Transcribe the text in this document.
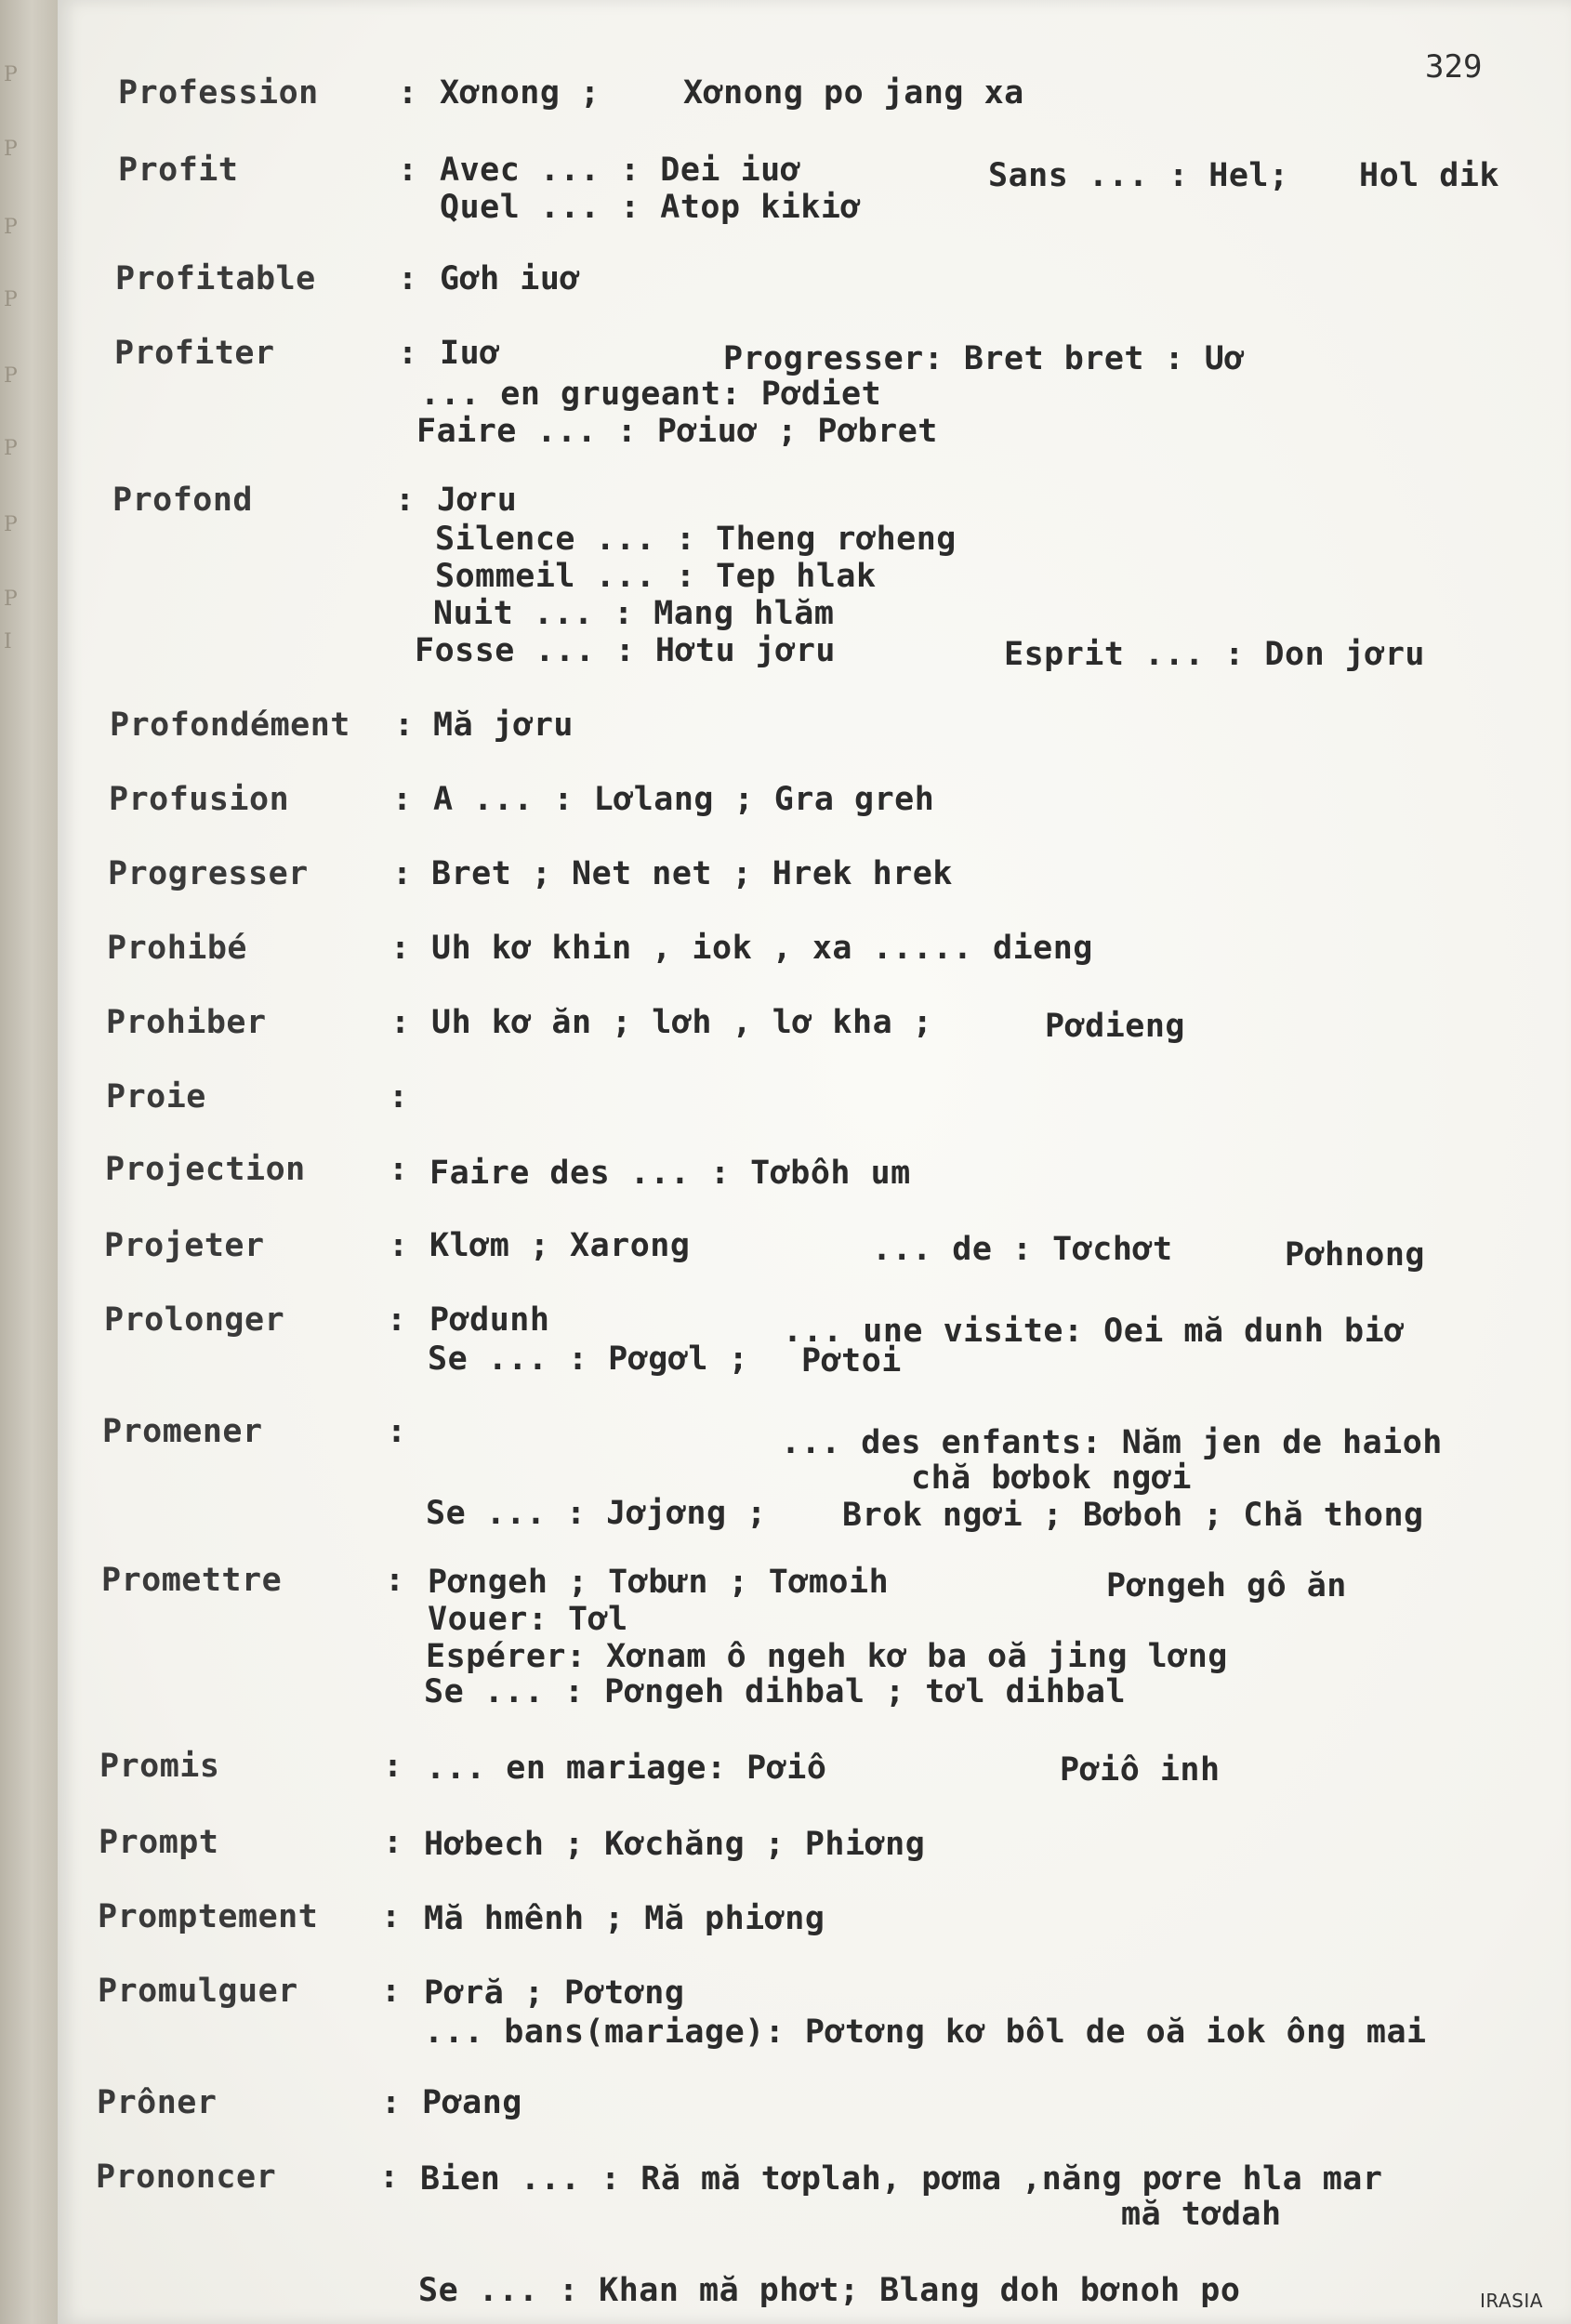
P
P
P
P
P
P
P
P
I
329
Profession : Xơnong ;	Xơnong po jang xa
Profit	: Avec ... : Dei iuơ	Sans ... : Hel; Hol dik
Quel ... : Atop kikiơ
Profitable	: Gơh iuơ
Profiter	: Iuơ	Progresser: Bret bret : Uơ
... en grugeant: Pơdiet
Faire ... : Pơiuơ ; Pơbret
Profond	: Jơru
Silence ... : Theng rơheng
Sommeil ... : Tep hlak
Nuit ... : Mang hlăm
Fosse ... : Hơtu jơru	Esprit ... : Don jơru
Profondément : Mă jơru
Profusion	: A ... : Lơlang ; Gra greh
Progresser	: Bret ; Net net ; Hrek hrek
Prohibé	: Uh kơ khin , iok , xa ..... dieng
Prohiber	: Uh kơ ăn ; lơh , lơ kha ;	Pơdieng
Proie	:
Projection	: Faire des ... : Tơbôh um
Projeter	: Klơm ; Xarong	... de : Tơchơt	Pơhnong
Prolonger	: Pơdunh	... une visite: Oei mă dunh biơ
Se ... : Pơgơl ; Pơtoi
Promener	:	... des enfants: Năm jen de haioh
chă bơbok ngơi
Se ... : Jơjơng ; Brok ngơi ; Bơboh ; Chă thong
Promettre	: Pơngeh ; Tơbưn ; Tơmoih	Pơngeh gô ăn
Vouer: Tơl
Espérer: Xơnam ô ngeh kơ ba oă jing lơng
Se ... : Pơngeh dihbal ; tơl dihbal
Promis	: ... en mariage: Pơiô	Pơiô inh
Prompt	: Hơbech ; Kơchăng ; Phiơng
Promptement : Mă hmênh ; Mă phiơng
Promulguer	: Pơră ; Pơtơng
... bans(mariage): Pơtơng kơ bôl de oă iok ông mai
Prôner	: Pơang
Prononcer	: Bien ... : Ră mă tơplah, pơma ,năng pơre hla mar
mă tơdah
Se ... : Khan mă phơt; Blang doh bơnoh po	IRASIA
